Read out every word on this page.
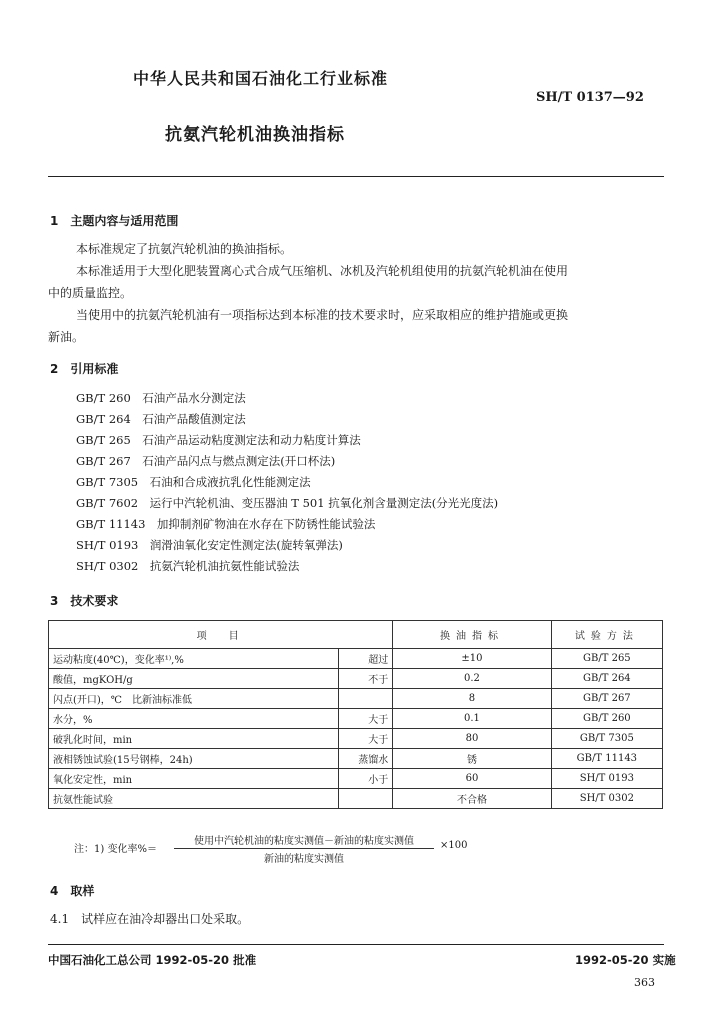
中华人民共和国石油化工行业标准
SH/T 0137—92
抗氨汽轮机油换油指标
1　主题内容与适用范围
本标准规定了抗氨汽轮机油的换油指标。
本标准适用于大型化肥装置离心式合成气压缩机、冰机及汽轮机组使用的抗氨汽轮机油在使用
中的质量监控。
当使用中的抗氨汽轮机油有一项指标达到本标准的技术要求时，应采取相应的维护措施或更换
新油。
2　引用标准
GB/T 260　石油产品水分测定法
GB/T 264　石油产品酸值测定法
GB/T 265　石油产品运动粘度测定法和动力粘度计算法
GB/T 267　石油产品闪点与燃点测定法(开口杯法)
GB/T 7305　石油和合成液抗乳化性能测定法
GB/T 7602　运行中汽轮机油、变压器油 T 501 抗氧化剂含量测定法(分光光度法)
GB/T 11143　加抑制剂矿物油在水存在下防锈性能试验法
SH/T 0193　润滑油氧化安定性测定法(旋转氧弹法)
SH/T 0302　抗氨汽轮机油抗氨性能试验法
3　技术要求
项　目		换油指标	试验方法
运动粘度(40℃)，变化率¹⁾,%	超过	±10	GB/T 265
酸值，mgKOH/g	不于	0.2	GB/T 264
闪点(开口)，℃　比新油标准低		8	GB/T 267
水分，%	大于	0.1	GB/T 260
破乳化时间，min	大于	80	GB/T 7305
液相锈蚀试验(15号钢棒，24h)	蒸馏水	锈	GB/T 11143
氧化安定性，min	小于	60	SH/T 0193
抗氨性能试验		不合格	SH/T 0302
注：1) 变化率%＝
使用中汽轮机油的粘度实测值－新油的粘度实测值
新油的粘度实测值
×100
4　取样
4.1　试样应在油冷却器出口处采取。
中国石油化工总公司 1992-05-20 批准	1992-05-20 实施
363
